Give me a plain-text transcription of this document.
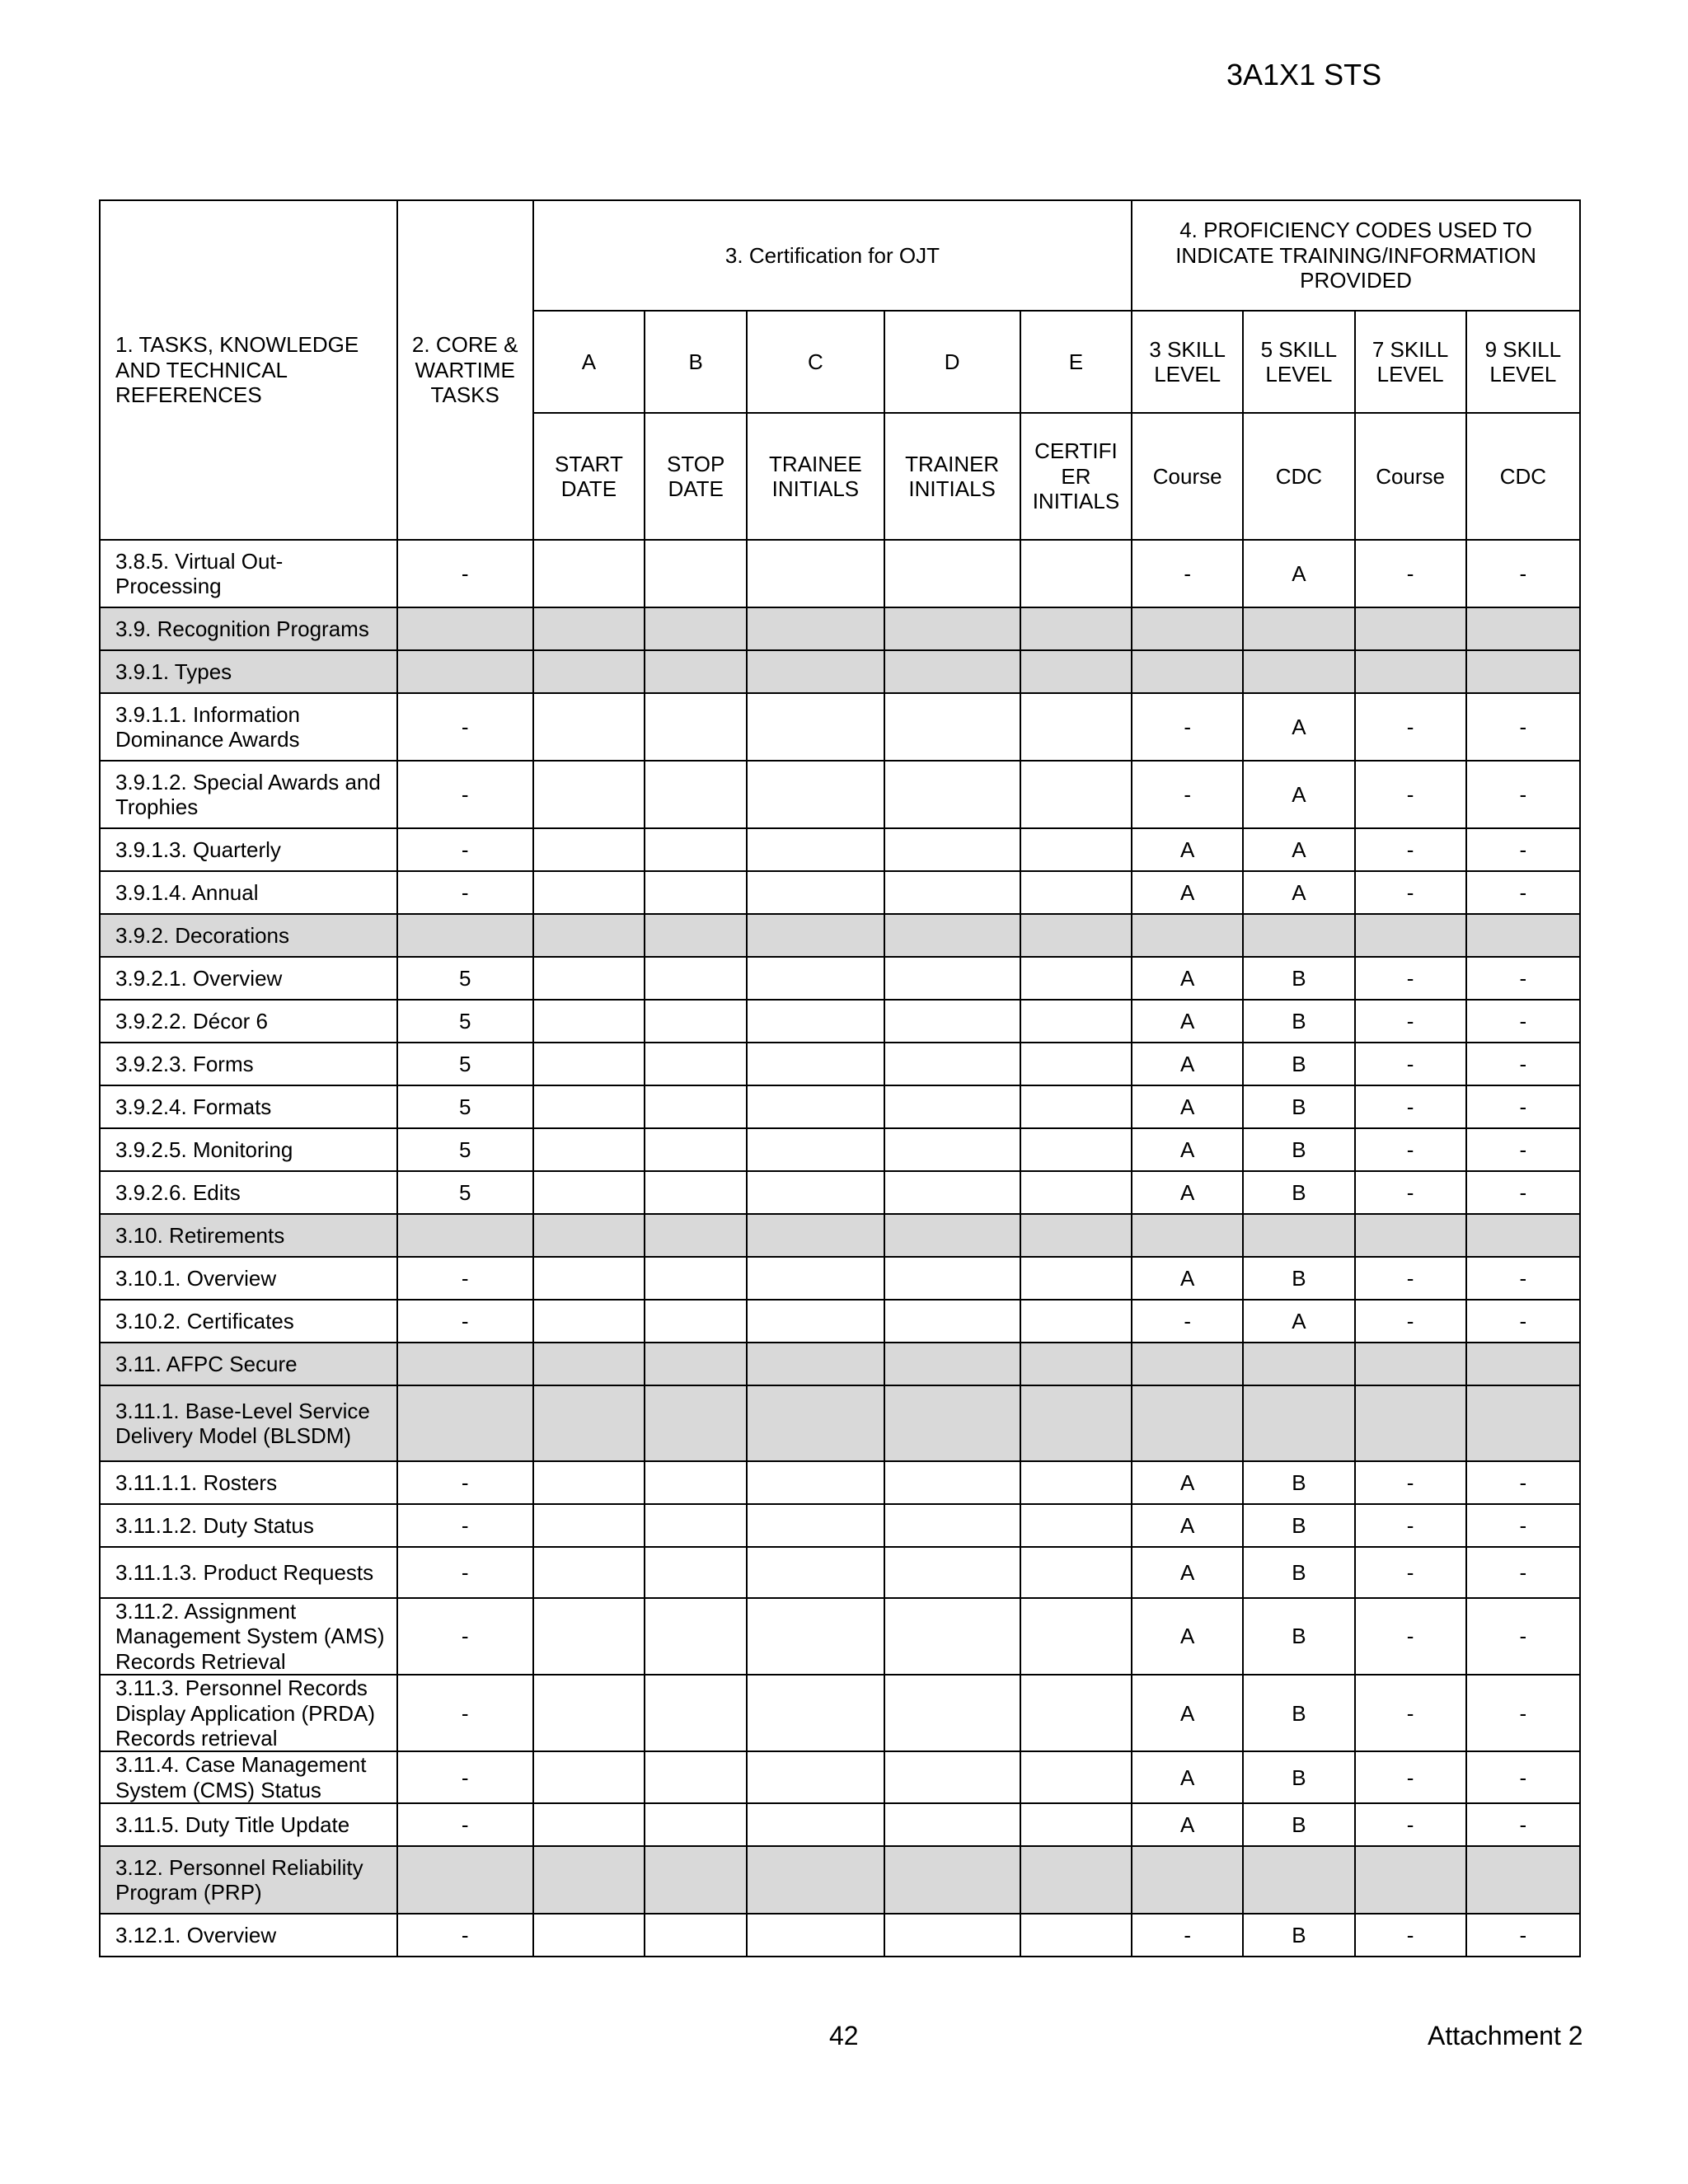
3A1X1 STS
1. TASKS, KNOWLEDGE AND TECHNICAL REFERENCES	2. CORE & WARTIME TASKS	3. Certification for OJT					4. PROFICIENCY CODES USED TO INDICATE TRAINING/INFORMATION PROVIDED			
		A	B	C	D	E	3 SKILL LEVEL	5 SKILL LEVEL	7 SKILL LEVEL	9 SKILL LEVEL
		START DATE	STOP DATE	TRAINEE INITIALS	TRAINER INITIALS	CERTIFI ER INITIALS	Course	CDC	Course	CDC
3.8.5. Virtual Out-Processing	-						-	A	-	-
3.9. Recognition Programs										
3.9.1. Types										
3.9.1.1. Information Dominance Awards	-						-	A	-	-
3.9.1.2. Special Awards and Trophies	-						-	A	-	-
3.9.1.3. Quarterly	-						A	A	-	-
3.9.1.4. Annual	-						A	A	-	-
3.9.2. Decorations										
3.9.2.1. Overview	5						A	B	-	-
3.9.2.2. Décor 6	5						A	B	-	-
3.9.2.3. Forms	5						A	B	-	-
3.9.2.4. Formats	5						A	B	-	-
3.9.2.5. Monitoring	5						A	B	-	-
3.9.2.6. Edits	5						A	B	-	-
3.10. Retirements										
3.10.1. Overview	-						A	B	-	-
3.10.2. Certificates	-						-	A	-	-
3.11. AFPC Secure										
3.11.1. Base-Level Service Delivery Model (BLSDM)										
3.11.1.1. Rosters	-						A	B	-	-
3.11.1.2. Duty Status	-						A	B	-	-
3.11.1.3. Product Requests	-						A	B	-	-
3.11.2. Assignment Management System (AMS) Records Retrieval	-						A	B	-	-
3.11.3. Personnel Records Display Application (PRDA) Records retrieval	-						A	B	-	-
3.11.4. Case Management System (CMS) Status	-						A	B	-	-
3.11.5. Duty Title Update	-						A	B	-	-
3.12. Personnel Reliability Program (PRP)										
3.12.1. Overview	-						-	B	-	-
42	Attachment 2
